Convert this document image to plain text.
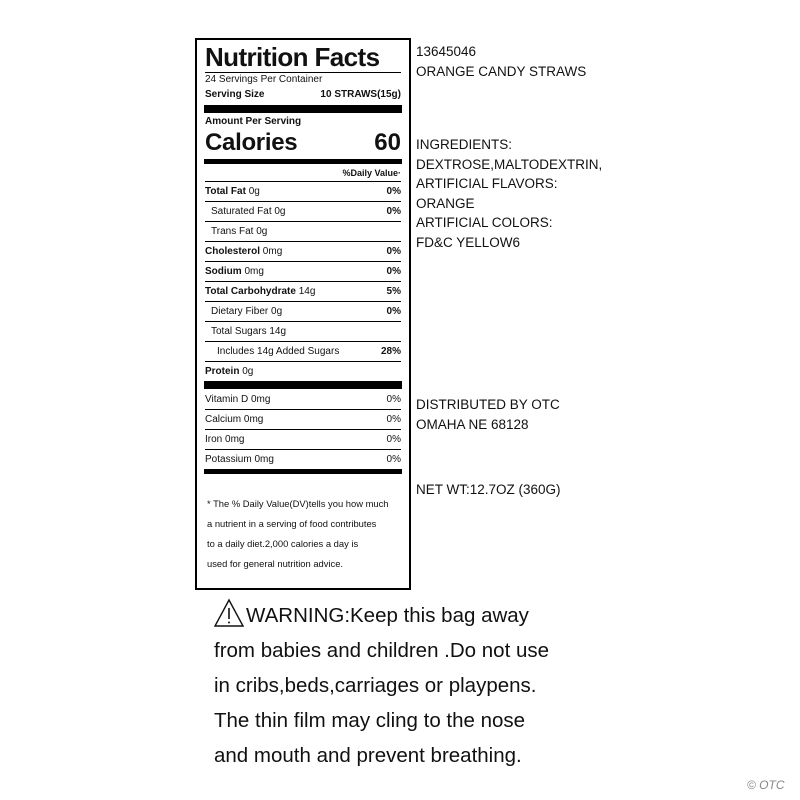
Nutrition Facts
24 Servings Per Container
Serving Size	10 STRAWS(15g)
Amount Per Serving
Calories	60
%Daily Value·
Total Fat 0g	0%
Saturated Fat 0g	0%
Trans Fat 0g
Cholesterol 0mg	0%
Sodium 0mg	0%
Total Carbohydrate 14g	5%
Dietary Fiber 0g	0%
Total Sugars 14g
Includes 14g Added Sugars	28%
Protein 0g
Vitamin D 0mg	0%
Calcium 0mg	0%
Iron 0mg	0%
Potassium 0mg	0%
* The % Daily Value(DV)tells you how much
a nutrient in a serving of food contributes
to a daily diet.2,000 calories a day is
used for general nutrition advice.
13645046
ORANGE CANDY STRAWS
INGREDIENTS:
DEXTROSE,MALTODEXTRIN,
ARTIFICIAL FLAVORS:
ORANGE
ARTIFICIAL COLORS:
FD&C YELLOW6
DISTRIBUTED BY OTC
OMAHA NE 68128
NET WT:12.7OZ (360G)
WARNING:Keep this bag away
from babies and children .Do not use
in cribs,beds,carriages or playpens.
The thin film may cling to the nose
and mouth and prevent breathing.
© OTC
